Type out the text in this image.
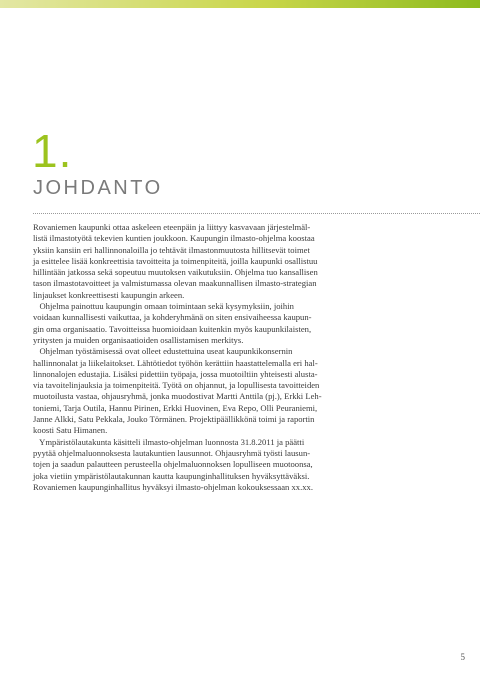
1.
JOHDANTO

Rovaniemen kaupunki ottaa askeleen eteenpäin ja liittyy kasvavaan järjestelmäl-
listä ilmastotyötä tekevien kuntien joukkoon. Kaupungin ilmasto-ohjelma koostaa
yksiin kansiin eri hallinnonaloilla jo tehtävät ilmastonmuutosta hillitsevät toimet
ja esittelee lisää konkreettisia tavoitteita ja toimenpiteitä, joilla kaupunki osallistuu
hillintään jatkossa sekä sopeutuu muutoksen vaikutuksiin. Ohjelma tuo kansallisen
tason ilmastotavoitteet ja valmistumassa olevan maakunnallisen ilmasto-strategian
linjaukset konkreettisesti kaupungin arkeen.

Ohjelma painottuu kaupungin omaan toimintaan sekä kysymyksiin, joihin
voidaan kunnallisesti vaikuttaa, ja kohderyhmänä on siten ensivaiheessa kaupun-
gin oma organisaatio. Tavoitteissa huomioidaan kuitenkin myös kaupunkilaisten,
yritysten ja muiden organisaatioiden osallistamisen merkitys.

Ohjelman työstämisessä ovat olleet edustettuina useat kaupunkikonsernin
hallinnonalat ja liikelaitokset. Lähtötiedot työhön kerättiin haastattelemalla eri hal-
linnonalojen edustajia. Lisäksi pidettiin työpaja, jossa muotoiltiin yhteisesti alusta-
via tavoitelinjauksia ja toimenpiteitä. Työtä on ohjannut, ja lopullisesta tavoitteiden
muotoilusta vastaa, ohjausryhmä, jonka muodostivat Martti Anttila (pj.), Erkki Leh-
toniemi, Tarja Outila, Hannu Pirinen, Erkki Huovinen, Eva Repo, Olli Peuraniemi,
Janne Alkki, Satu Pekkala, Jouko Törmänen. Projektipäällikkönä toimi ja raportin
koosti Satu Himanen.

Ympäristölautakunta käsitteli ilmasto-ohjelman luonnosta 31.8.2011 ja päätti
pyytää ohjelmaluonnoksesta lautakuntien lausunnot. Ohjausryhmä työsti lausun-
tojen ja saadun palautteen perusteella ohjelmaluonnoksen lopulliseen muotoonsa,
joka vietiin ympäristölautakunnan kautta kaupunginhallituksen hyväksyttäväksi.
Rovaniemen kaupunginhallitus hyväksyi ilmasto-ohjelman kokouksessaan xx.xx.

5
